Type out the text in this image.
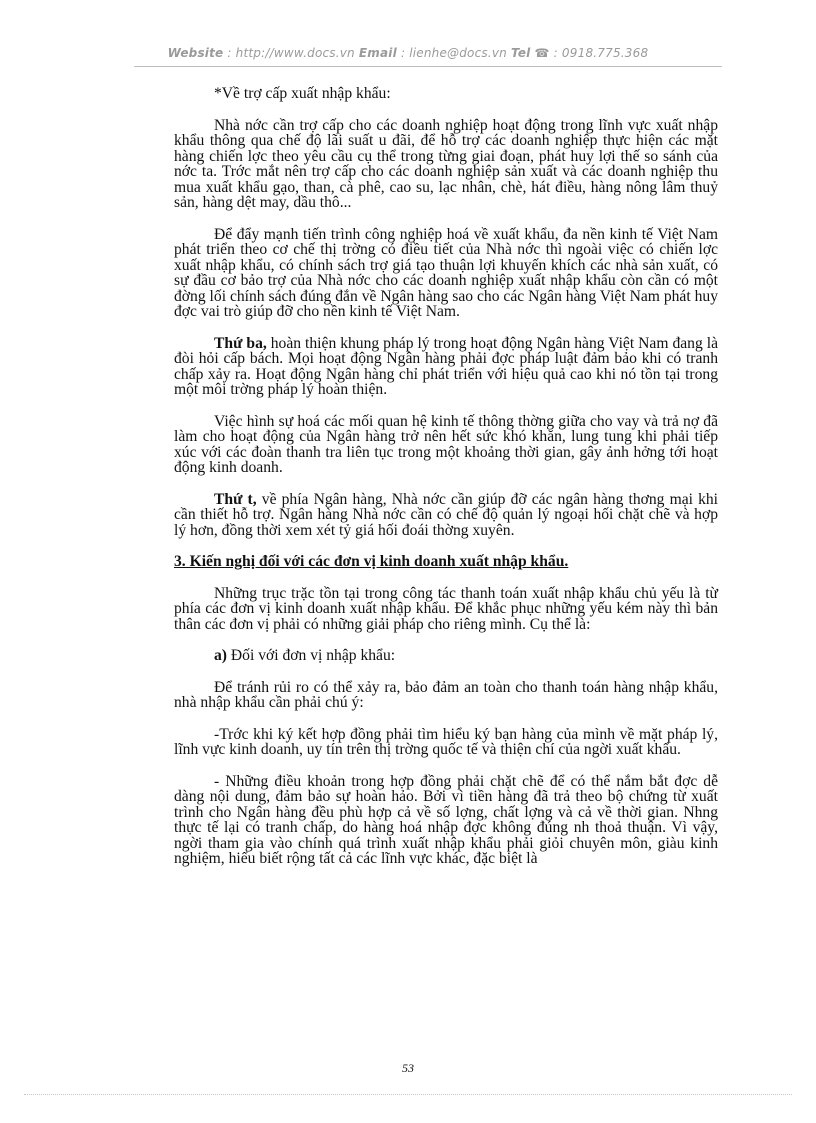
Website : http://www.docs.vn Email : lienhe@docs.vn Tel ☎ : 0918.775.368

*Về trợ cấp xuất nhập khẩu:

Nhà nớc cần trợ cấp cho các doanh nghiệp hoạt động trong lĩnh vực xuất nhập khẩu thông qua chế độ lãi suất u đãi, để hỗ trợ các doanh nghiệp thực hiện các mặt hàng chiến lợc theo yêu cầu cụ thể trong từng giai đoạn, phát huy lợi thế so sánh của nớc ta. Trớc mắt nên trợ cấp cho các doanh nghiệp sản xuất và các doanh nghiệp thu mua xuất khẩu gạo, than, cà phê, cao su, lạc nhân, chè, hát điều, hàng nông lâm thuỷ sản, hàng dệt may, dầu thô...

Để đẩy mạnh tiến trình công nghiệp hoá về xuất khẩu, đa nền kinh tế Việt Nam phát triển theo cơ chế thị trờng có điều tiết của Nhà nớc thì ngoài việc có chiến lợc xuất nhập khẩu, có chính sách trợ giá tạo thuận lợi khuyến khích các nhà sản xuất, có sự đầu cơ bảo trợ của Nhà nớc cho các doanh nghiệp xuất nhập khẩu còn cần có một đờng lối chính sách đúng đắn về Ngân hàng sao cho các Ngân hàng Việt Nam phát huy đợc vai trò giúp đỡ cho nền kinh tế Việt Nam.

Thứ ba, hoàn thiện khung pháp lý trong hoạt động Ngân hàng Việt Nam đang là đòi hỏi cấp bách. Mọi hoạt động Ngân hàng phải đợc pháp luật đảm bảo khi có tranh chấp xảy ra. Hoạt động Ngân hàng chỉ phát triển với hiệu quả cao khi nó tồn tại trong một môi trờng pháp lý hoàn thiện.

Việc hình sự hoá các mối quan hệ kinh tế thông thờng giữa cho vay và trả nợ đã làm cho hoạt động của Ngân hàng trở nên hết sức khó khăn, lung tung khi phải tiếp xúc với các đoàn thanh tra liên tục trong một khoảng thời gian, gây ảnh hởng tới hoạt động kinh doanh.

Thứ t, về phía Ngân hàng, Nhà nớc cần giúp đỡ các ngân hàng thơng mại khi cần thiết hỗ trợ. Ngân hàng Nhà nớc cần có chế độ quản lý ngoại hối chặt chẽ và hợp lý hơn, đồng thời xem xét tỷ giá hối đoái thờng xuyên.

3. Kiến nghị đối với các đơn vị kinh doanh xuất nhập khẩu.

Những trục trặc tồn tại trong công tác thanh toán xuất nhập khẩu chủ yếu là từ phía các đơn vị kinh doanh xuất nhập khẩu. Để khắc phục những yếu kém này thì bản thân các đơn vị phải có những giải pháp cho riêng mình. Cụ thể là:

a) Đối với đơn vị nhập khẩu:

Để tránh rủi ro có thể xảy ra, bảo đảm an toàn cho thanh toán hàng nhập khẩu, nhà nhập khẩu cần phải chú ý:

-Trớc khi ký kết hợp đồng phải tìm hiểu ký bạn hàng của mình về mặt pháp lý, lĩnh vực kinh doanh, uy tín trên thị trờng quốc tế và thiện chí của ngời xuất khẩu.

- Những điều khoản trong hợp đồng phải chặt chẽ để có thể nắm bắt đợc dễ dàng nội dung, đảm bảo sự hoàn hảo. Bởi vì tiền hàng đã trả theo bộ chứng từ xuất trình cho Ngân hàng đều phù hợp cả về số lợng, chất lợng và cả về thời gian. Nhng thực tế lại có tranh chấp, do hàng hoá nhập đợc không đúng nh thoả thuận. Vì vậy, ngời tham gia vào chính quá trình xuất nhập khẩu phải giỏi chuyên môn, giàu kinh nghiệm, hiểu biết rộng tất cả các lĩnh vực khác, đặc biệt là

53
